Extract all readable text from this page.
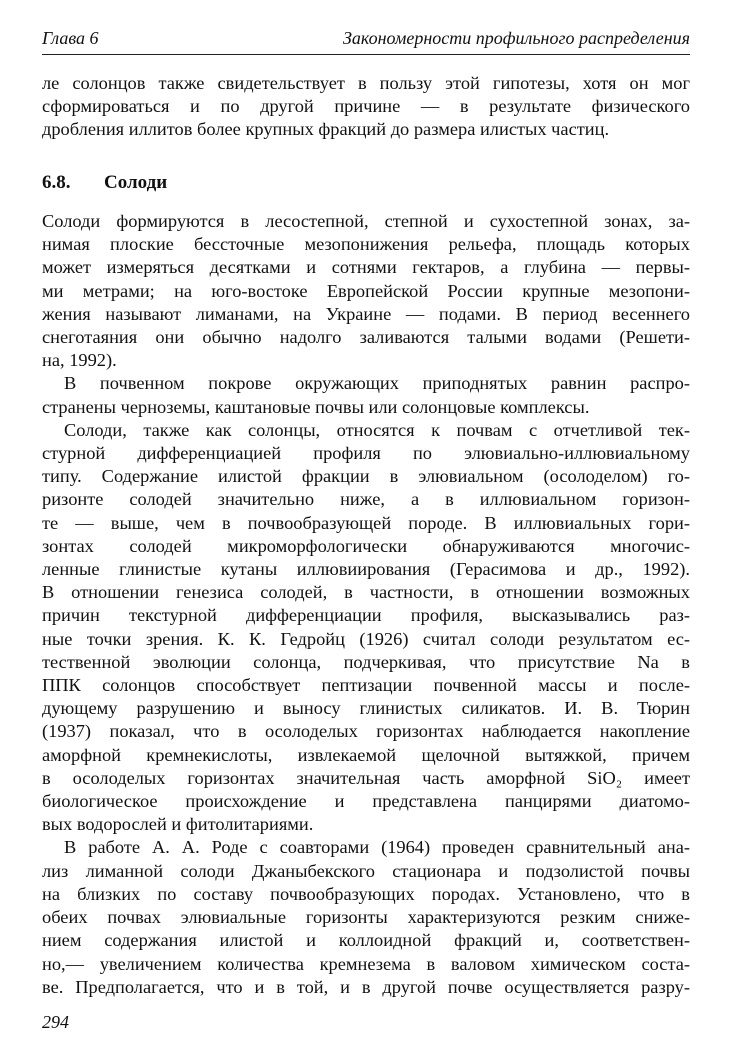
Глава 6	Закономерности профильного распределения
ле солонцов также свидетельствует в пользу этой гипотезы, хотя он мог
сформироваться и по другой причине — в результате физического
дробления иллитов более крупных фракций до размера илистых частиц.
6.8. Солоди
Солоди формируются в лесостепной, степной и сухостепной зонах, за-
нимая плоские бессточные мезопонижения рельефа, площадь которых
может измеряться десятками и сотнями гектаров, а глубина — первы-
ми метрами; на юго-востоке Европейской России крупные мезопони-
жения называют лиманами, на Украине — подами. В период весеннего
снеготаяния они обычно надолго заливаются талыми водами (Решети-
на, 1992).
В почвенном покрове окружающих приподнятых равнин распро-
странены черноземы, каштановые почвы или солонцовые комплексы.
Солоди, также как солонцы, относятся к почвам с отчетливой тек-
стурной дифференциацией профиля по элювиально-иллювиальному
типу. Содержание илистой фракции в элювиальном (осолоделом) го-
ризонте солодей значительно ниже, а в иллювиальном горизон-
те — выше, чем в почвообразующей породе. В иллювиальных гори-
зонтах солодей микроморфологически обнаруживаются многочис-
ленные глинистые кутаны иллювиирования (Герасимова и др., 1992).
В отношении генезиса солодей, в частности, в отношении возможных
причин текстурной дифференциации профиля, высказывались раз-
ные точки зрения. К. К. Гедройц (1926) считал солоди результатом ес-
тественной эволюции солонца, подчеркивая, что присутствие Na в
ППК солонцов способствует пептизации почвенной массы и после-
дующему разрушению и выносу глинистых силикатов. И. В. Тюрин
(1937) показал, что в осолоделых горизонтах наблюдается накопление
аморфной кремнекислоты, извлекаемой щелочной вытяжкой, причем
в осолоделых горизонтах значительная часть аморфной SiO₂ имеет
биологическое происхождение и представлена панцирями диатомо-
вых водорослей и фитолитариями.
В работе А. А. Роде с соавторами (1964) проведен сравнительный ана-
лиз лиманной солоди Джаныбекского стационара и подзолистой почвы
на близких по составу почвообразующих породах. Установлено, что в
обеих почвах элювиальные горизонты характеризуются резким сниже-
нием содержания илистой и коллоидной фракций и, соответствен-
но,— увеличением количества кремнезема в валовом химическом соста-
ве. Предполагается, что и в той, и в другой почве осуществляется разру-
294
